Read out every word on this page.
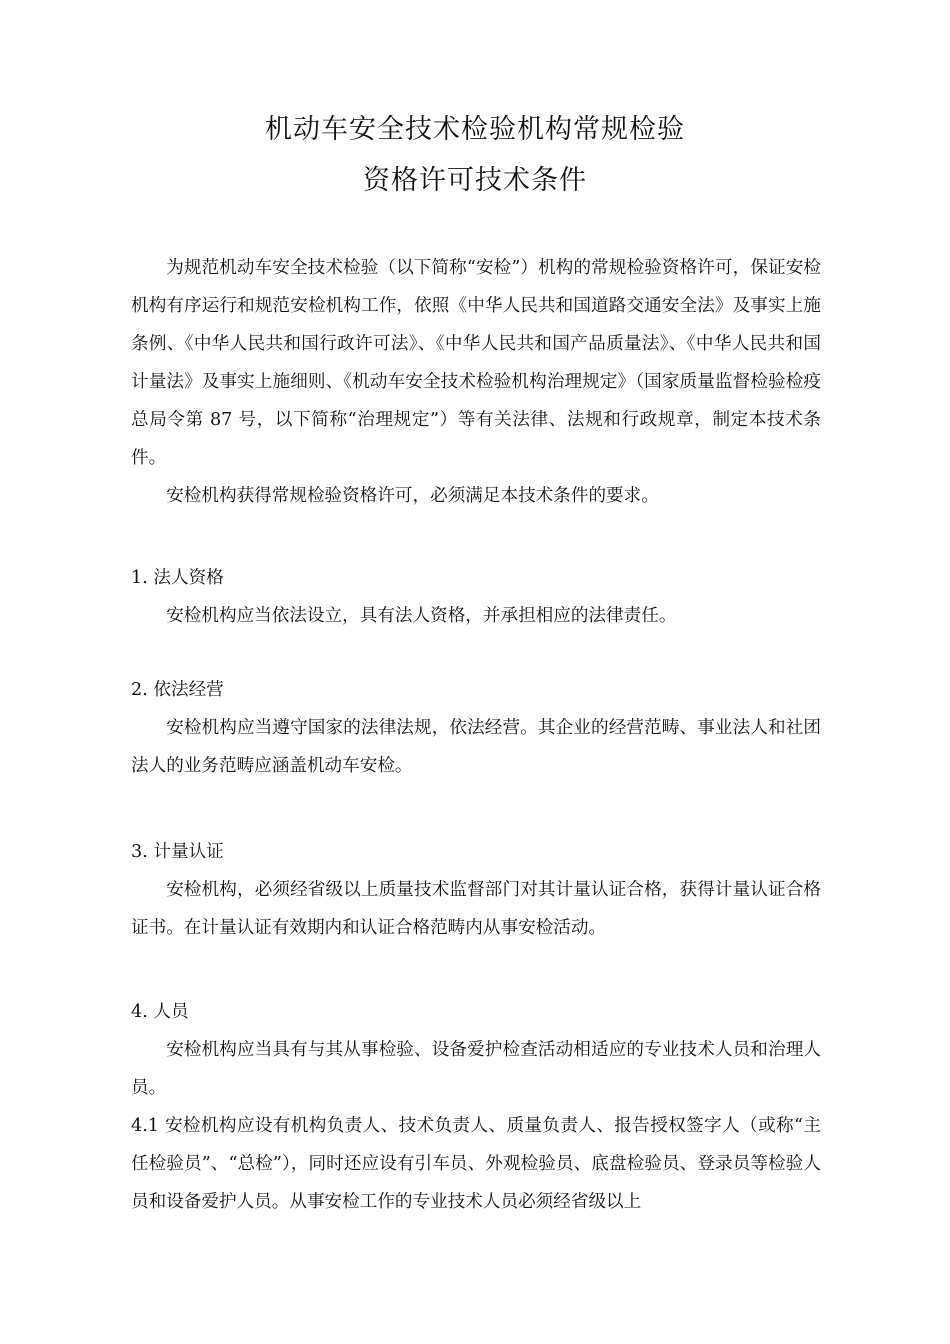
机动车安全技术检验机构常规检验
资格许可技术条件

为规范机动车安全技术检验（以下简称“安检”）机构的常规检验资格许可，保证安检机构有序运行和规范安检机构工作，依照《中华人民共和国道路交通安全法》及事实上施条例、《中华人民共和国行政许可法》、《中华人民共和国产品质量法》、《中华人民共和国计量法》及事实上施细则、《机动车安全技术检验机构治理规定》（国家质量监督检验检疫总局令第 87 号，以下简称“治理规定”）等有关法律、法规和行政规章，制定本技术条件。

安检机构获得常规检验资格许可，必须满足本技术条件的要求。

1. 法人资格

安检机构应当依法设立，具有法人资格，并承担相应的法律责任。

2. 依法经营

安检机构应当遵守国家的法律法规，依法经营。其企业的经营范畴、事业法人和社团法人的业务范畴应涵盖机动车安检。

3. 计量认证

安检机构，必须经省级以上质量技术监督部门对其计量认证合格，获得计量认证合格证书。在计量认证有效期内和认证合格范畴内从事安检活动。

4. 人员

安检机构应当具有与其从事检验、设备爱护检查活动相适应的专业技术人员和治理人员。

4.1 安检机构应设有机构负责人、技术负责人、质量负责人、报告授权签字人（或称“主任检验员”、“总检”），同时还应设有引车员、外观检验员、底盘检验员、登录员等检验人员和设备爱护人员。从事安检工作的专业技术人员必须经省级以上
